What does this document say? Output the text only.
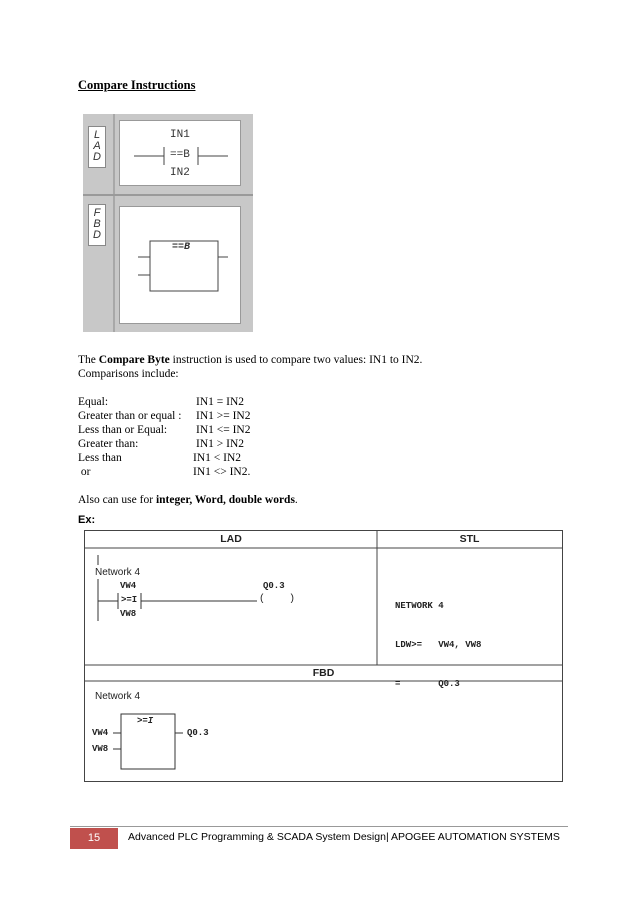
Compare Instructions
LAD
FBD
IN1
==B
IN2
==B
The Compare Byte instruction is used to compare two values: IN1 to IN2.
Comparisons include:
Equal:	IN1 = IN2
Greater than or equal : IN1 >= IN2
Less than or Equal:	IN1 <= IN2
Greater than:	IN1 > IN2
Less than	IN1 < IN2
or	IN1 <> IN2.
Also can use for integer, Word, double words.
Ex:
LAD	STL
FBD
Network 4
VW4
>=I
VW8
Q0.3
(    )

NETWORK 4

LDW>=   VW4, VW8

=       Q0.3

Network 4
>=I
VW4
VW8
Q0.3
15	Advanced PLC Programming & SCADA System Design| APOGEE AUTOMATION SYSTEMS
